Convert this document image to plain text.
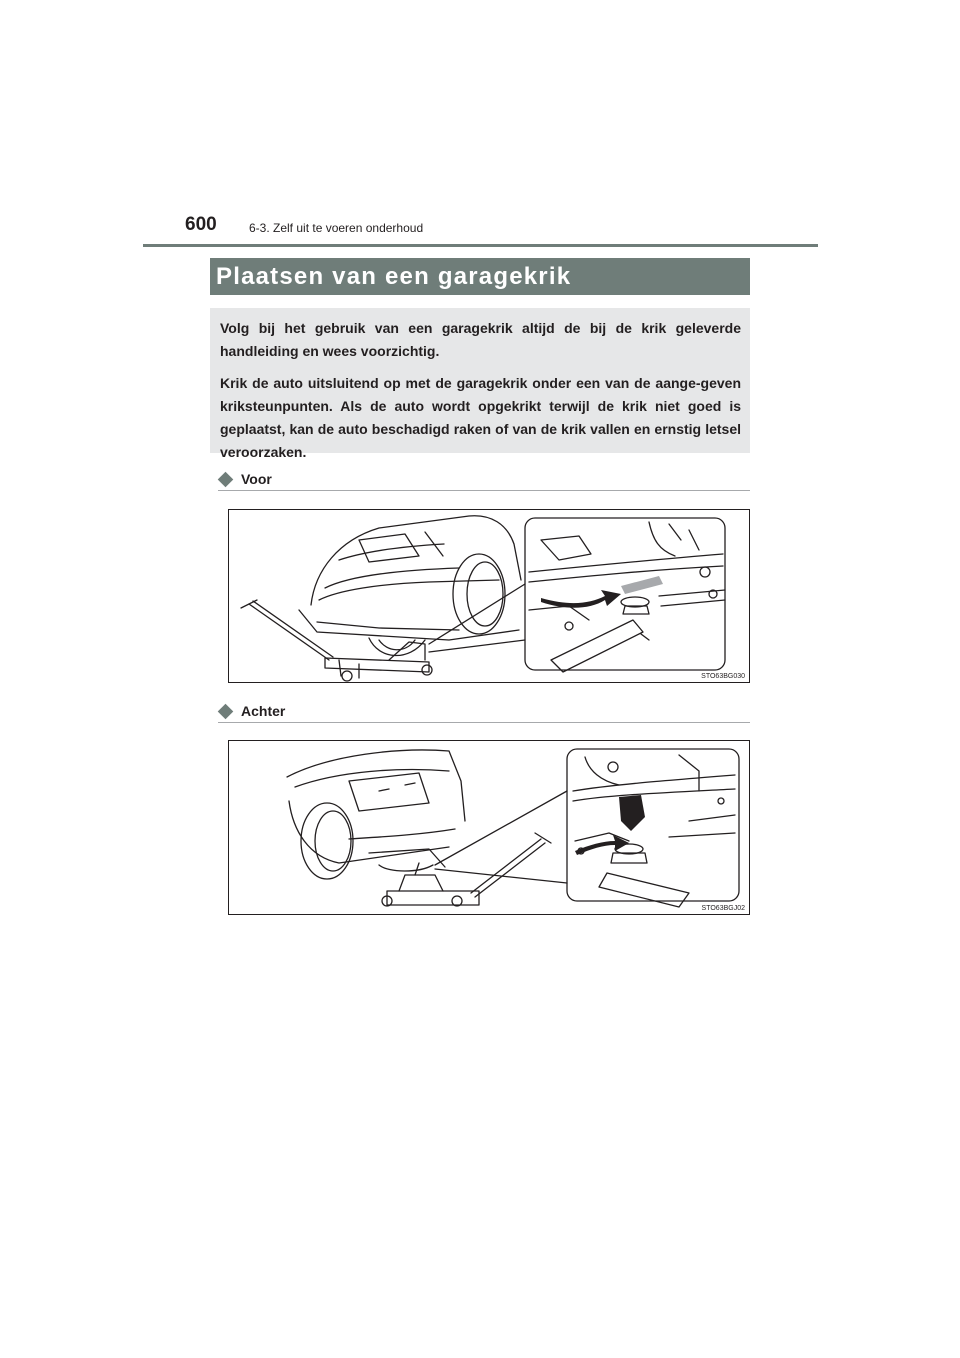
600	6-3. Zelf uit te voeren onderhoud
Plaatsen van een garagekrik

Volg bij het gebruik van een garagekrik altijd de bij de krik geleverde handleiding en wees voorzichtig.

Krik de auto uitsluitend op met de garagekrik onder een van de aange-geven kriksteunpunten. Als de auto wordt opgekrikt terwijl de krik niet goed is geplaatst, kan de auto beschadigd raken of van de krik vallen en ernstig letsel veroorzaken.

Voor
STO63BG030
Achter
STO63BGJ02
